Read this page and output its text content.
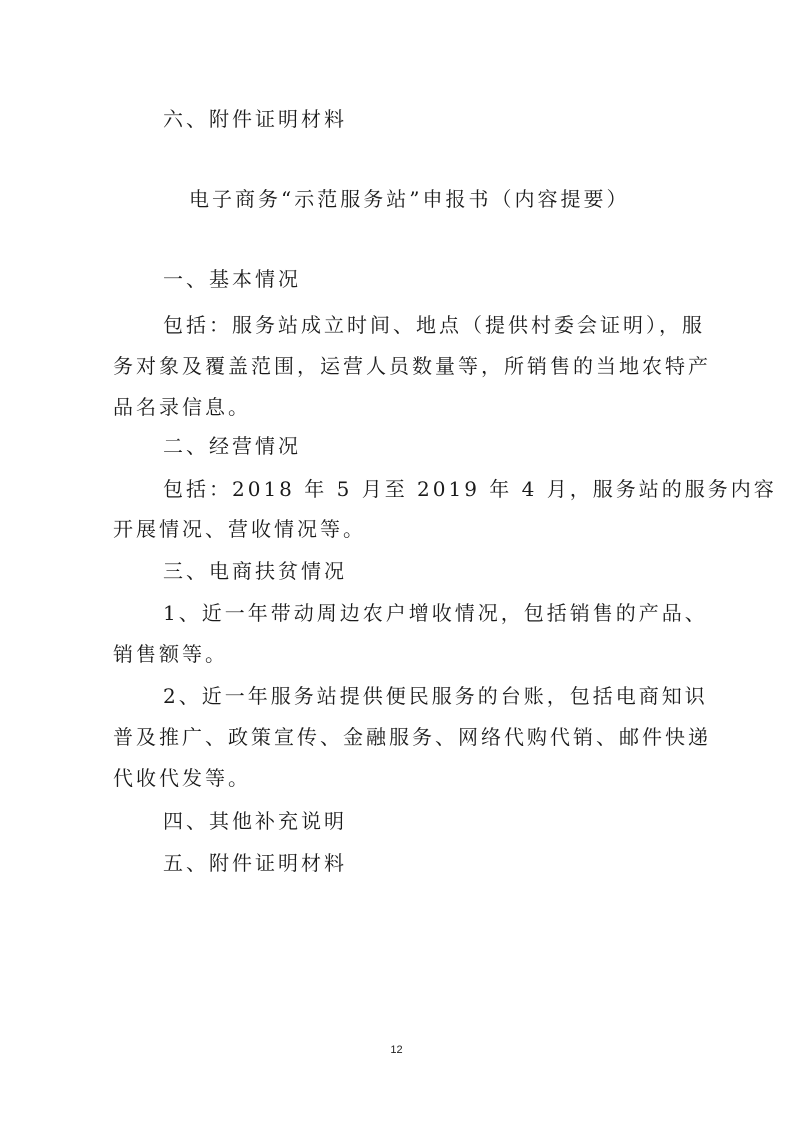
六、附件证明材料

电子商务“示范服务站”申报书（内容提要）

一、基本情况

包括：服务站成立时间、地点（提供村委会证明），服

务对象及覆盖范围，运营人员数量等，所销售的当地农特产

品名录信息。

二、经营情况

包括：2018 年 5 月至 2019 年 4 月，服务站的服务内容

开展情况、营收情况等。

三、电商扶贫情况

1、近一年带动周边农户增收情况，包括销售的产品、

销售额等。

2、近一年服务站提供便民服务的台账，包括电商知识

普及推广、政策宣传、金融服务、网络代购代销、邮件快递

代收代发等。

四、其他补充说明

五、附件证明材料

12
